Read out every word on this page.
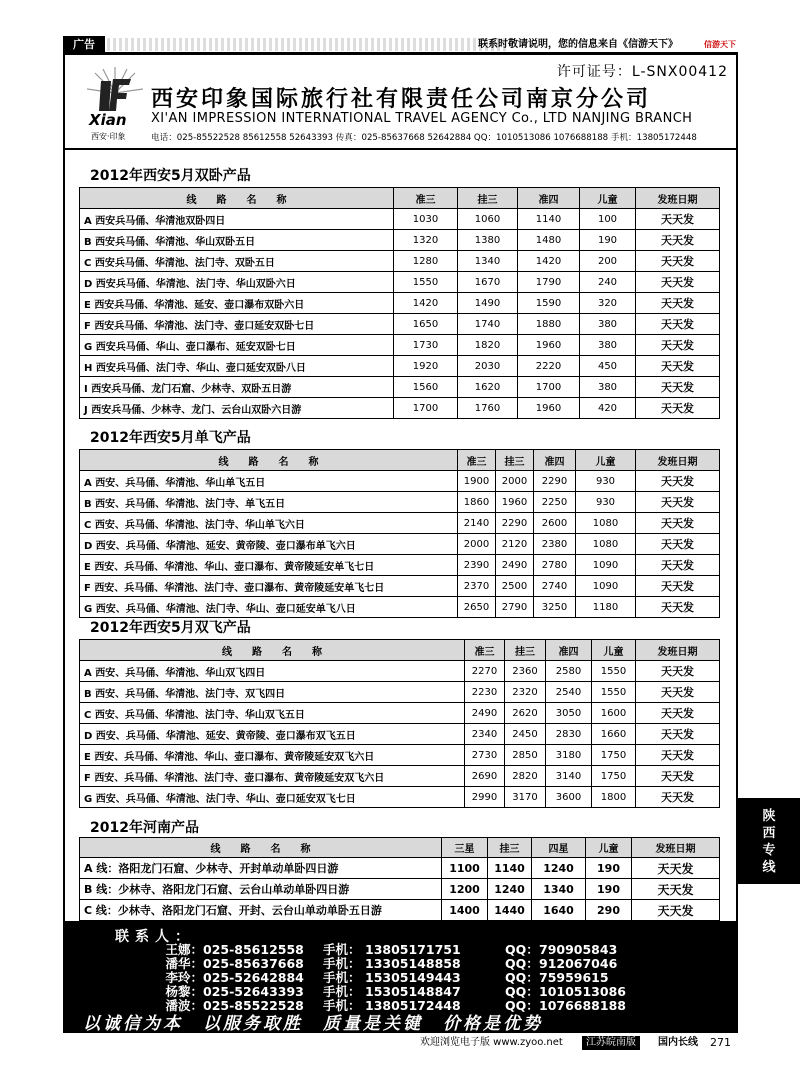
广告	联系时敬请说明，您的信息来自《信游天下》	信游天下
Xian
西安·印象
许可证号：L-SNX00412
西安印象国际旅行社有限责任公司南京分公司
XI'AN IMPRESSION INTERNATIONAL TRAVEL AGENCY Co., LTD NANJING BRANCH
电话：025-85522528 85612558 52643393 传真：025-85637668 52642884 QQ：1010513086 1076688188 手机：13805172448
2012年西安5月双卧产品
线　　路　　名　　称	准三	挂三	准四	儿童	发班日期
A 西安兵马俑、华清池双卧四日	1030	1060	1140	100	天天发
B 西安兵马俑、华清池、华山双卧五日	1320	1380	1480	190	天天发
C 西安兵马俑、华清池、法门寺、双卧五日	1280	1340	1420	200	天天发
D 西安兵马俑、华清池、法门寺、华山双卧六日	1550	1670	1790	240	天天发
E 西安兵马俑、华清池、延安、壶口瀑布双卧六日	1420	1490	1590	320	天天发
F 西安兵马俑、华清池、法门寺、壶口延安双卧七日	1650	1740	1880	380	天天发
G 西安兵马俑、华山、壶口瀑布、延安双卧七日	1730	1820	1960	380	天天发
H 西安兵马俑、法门寺、华山、壶口延安双卧八日	1920	2030	2220	450	天天发
I 西安兵马俑、龙门石窟、少林寺、双卧五日游	1560	1620	1700	380	天天发
J 西安兵马俑、少林寺、龙门、云台山双卧六日游	1700	1760	1960	420	天天发
2012年西安5月单飞产品
线　　路　　名　　称	准三	挂三	准四	儿童	发班日期
A 西安、兵马俑、华清池、华山单飞五日	1900	2000	2290	930	天天发
B 西安、兵马俑、华清池、法门寺、单飞五日	1860	1960	2250	930	天天发
C 西安、兵马俑、华清池、法门寺、华山单飞六日	2140	2290	2600	1080	天天发
D 西安、兵马俑、华清池、延安、黄帝陵、壶口瀑布单飞六日	2000	2120	2380	1080	天天发
E 西安、兵马俑、华清池、华山、壶口瀑布、黄帝陵延安单飞七日	2390	2490	2780	1090	天天发
F 西安、兵马俑、华清池、法门寺、壶口瀑布、黄帝陵延安单飞七日	2370	2500	2740	1090	天天发
G 西安、兵马俑、华清池、法门寺、华山、壶口延安单飞八日	2650	2790	3250	1180	天天发
2012年西安5月双飞产品
线　　路　　名　　称	准三	挂三	准四	儿童	发班日期
A 西安、兵马俑、华清池、华山双飞四日	2270	2360	2580	1550	天天发
B 西安、兵马俑、华清池、法门寺、双飞四日	2230	2320	2540	1550	天天发
C 西安、兵马俑、华清池、法门寺、华山双飞五日	2490	2620	3050	1600	天天发
D 西安、兵马俑、华清池、延安、黄帝陵、壶口瀑布双飞五日	2340	2450	2830	1660	天天发
E 西安、兵马俑、华清池、华山、壶口瀑布、黄帝陵延安双飞六日	2730	2850	3180	1750	天天发
F 西安、兵马俑、华清池、法门寺、壶口瀑布、黄帝陵延安双飞六日	2690	2820	3140	1750	天天发
G 西安、兵马俑、华清池、法门寺、华山、壶口延安双飞七日	2990	3170	3600	1800	天天发
2012年河南产品
线　　路　　名　　称	三星	挂三	四星	儿童	发班日期
A 线：洛阳龙门石窟、少林寺、开封单动单卧四日游	1100	1140	1240	190	天天发
B 线：少林寺、洛阳龙门石窟、云台山单动单卧四日游	1200	1240	1340	190	天天发
C 线：少林寺、洛阳龙门石窟、开封、云台山单动单卧五日游	1400	1440	1640	290	天天发
联系人：
王娜：025-85612558 手机： 13805171751	QQ：790905843
潘华：025-85637668 手机： 13305148858	QQ：912067046
李玲：025-52642884 手机： 15305149443	QQ：75959615
杨黎：025-52643393 手机： 15305148847	QQ：1010513086
潘波：025-85522528 手机： 13805172448	QQ：1076688188
以诚信为本　以服务取胜　质量是关键　价格是优势
欢迎浏览电子版 www.zyoo.net	江苏皖南版	国内长线 271
陕
西
专
线
